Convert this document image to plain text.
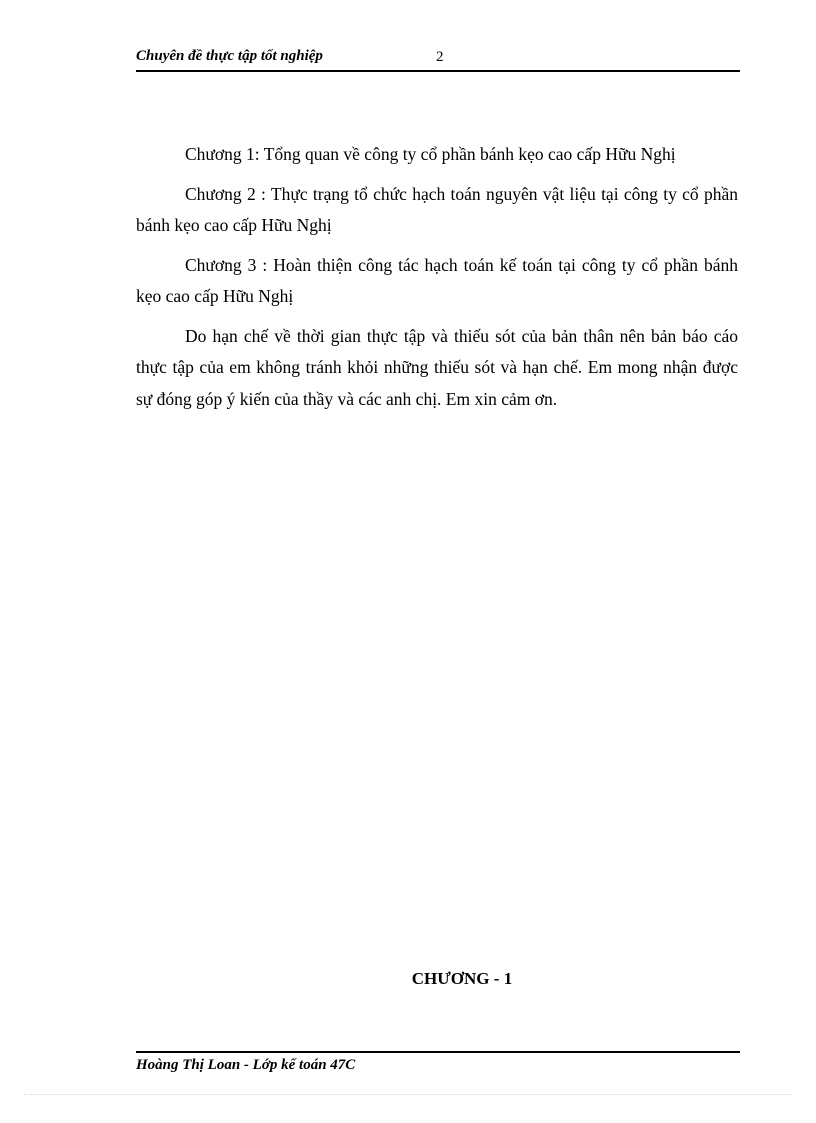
Chuyên đề thực tập tốt nghiệp	2

Chương 1: Tổng quan về công ty cổ phần bánh kẹo cao cấp Hữu Nghị

Chương 2 : Thực trạng tổ chức hạch toán nguyên vật liệu tại công ty cổ phần bánh kẹo cao cấp Hữu Nghị

Chương 3 : Hoàn thiện công tác hạch toán kế toán tại công ty cổ phần bánh kẹo cao cấp Hữu Nghị

Do hạn chế về thời gian thực tập và thiếu sót của bản thân nên bản báo cáo thực tập của em không tránh khỏi những thiếu sót và hạn chế. Em mong nhận được sự đóng góp ý kiến của thầy và các anh chị. Em xin cảm ơn.

CHƯƠNG - 1
Hoàng Thị Loan - Lớp kế toán 47C
